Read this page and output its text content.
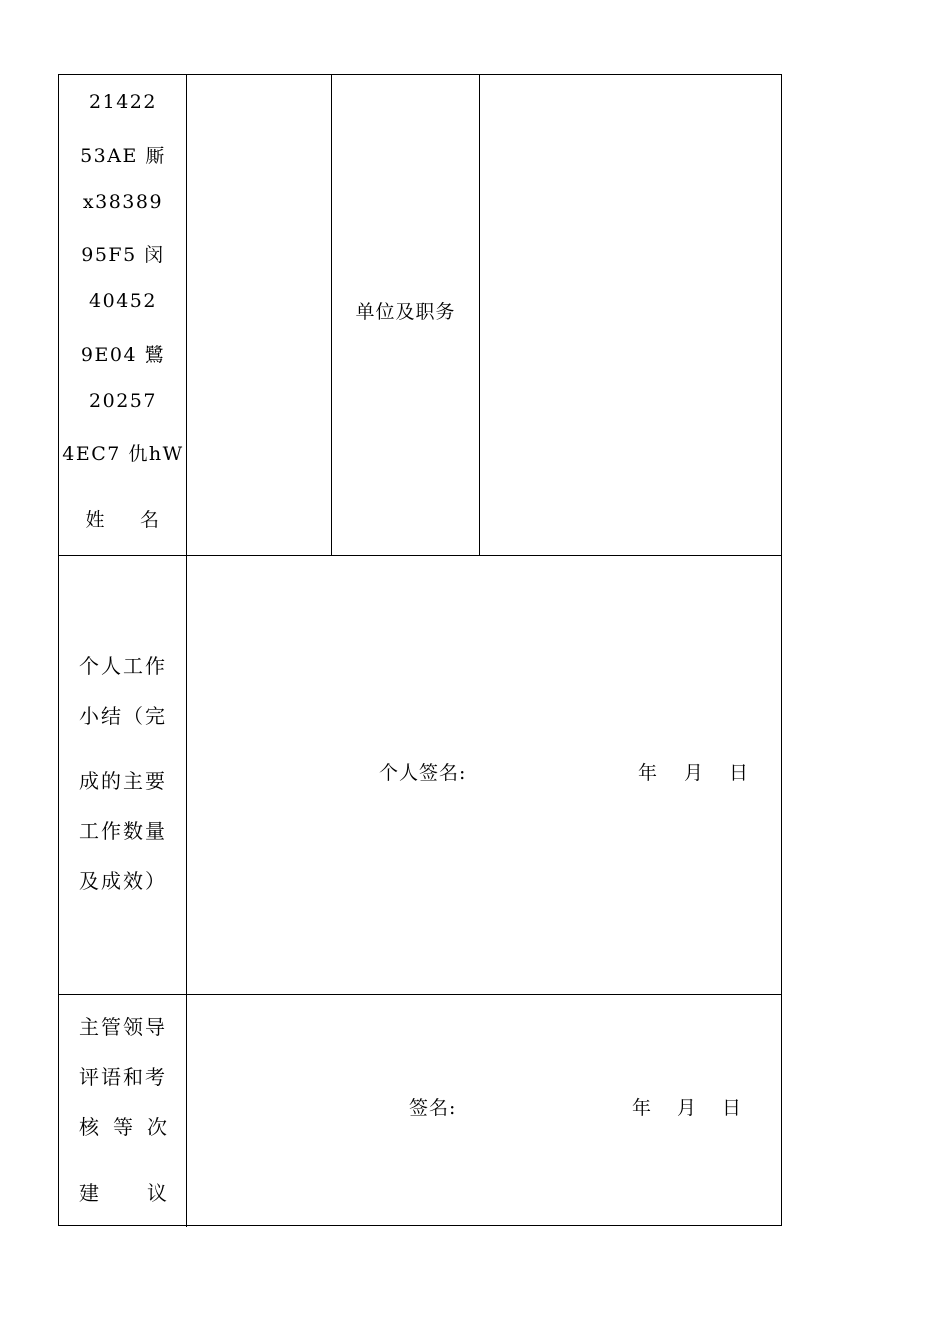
21422
53AE 厮
x38389
95F5 闵
40452
9E04 鷺
20257
4EC7 仇hW
姓 名
单位及职务
个人工作
小结（完
成的主要
工作数量
及成效）
个人签名:	年 月 日
主管领导
评语和考
核 等 次
建 议
签名:	年 月 日
